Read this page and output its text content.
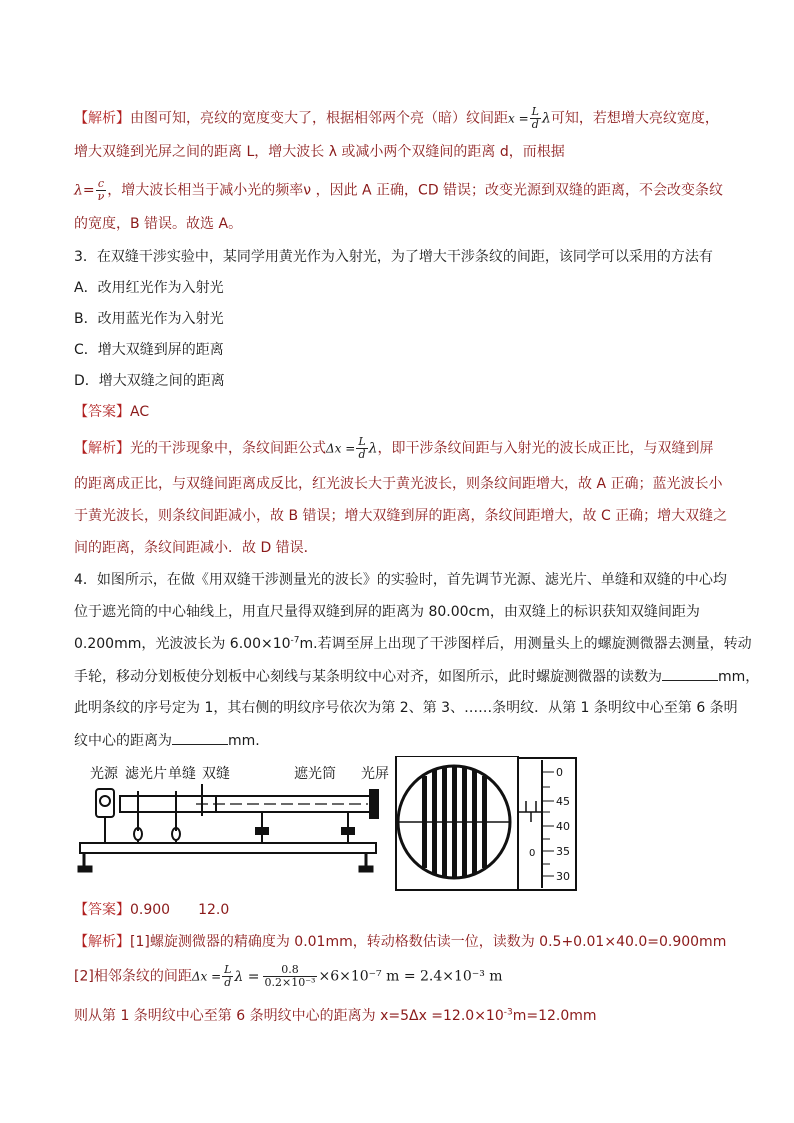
【解析】由图可知，亮纹的宽度变大了，根据相邻两个亮（暗）纹间距$x = \frac{L}{d}$ λ可知，若想增大亮纹宽度，
增大双缝到光屏之间的距离 L，增大波长 λ 或减小两个双缝间的距离 d，而根据
$\lambda= \frac{c}{\nu}$ ，增大波长相当于减小光的频率ν ，因此 A 正确，CD 错误；改变光源到双缝的距离，不会改变条纹
的宽度，B 错误。故选 A。
3．在双缝干涉实验中，某同学用黄光作为入射光，为了增大干涉条纹的间距，该同学可以采用的方法有
A．改用红光作为入射光
B．改用蓝光作为入射光
C．增大双缝到屏的距离
D．增大双缝之间的距离
【答案】AC
【解析】光的干涉现象中，条纹间距公式$\Delta x = \frac{L}{d}$ λ，即干涉条纹间距与入射光的波长成正比，与双缝到屏
的距离成正比，与双缝间距离成反比，红光波长大于黄光波长，则条纹间距增大，故 A 正确；蓝光波长小
于黄光波长，则条纹间距减小，故 B 错误；增大双缝到屏的距离，条纹间距增大，故 C 正确；增大双缝之
间的距离，条纹间距减小．故 D 错误．
4．如图所示，在做《用双缝干涉测量光的波长》的实验时，首先调节光源、滤光片、单缝和双缝的中心均
位于遮光筒的中心轴线上，用直尺量得双缝到屏的距离为 80.00cm，由双缝上的标识获知双缝间距为
0.200mm，光波波长为 $6.00\times 10^{-7}m$.若调至屏上出现了干涉图样后，用测量头上的螺旋测微器去测量，转动
手轮，移动分划板使分划板中心刻线与某条明纹中心对齐，如图所示，此时螺旋测微器的读数为	mm，
此明条纹的序号定为 1，其右侧的明纹序号依次为第 2、第 3、……条明纹．从第 1 条明纹中心至第 6 条明
纹中心的距离为	mm.
光源 滤光片 单缝 双缝	遮光筒 光屏
0
0
45
40
35
30
【答案】0.900　　12.0
【解析】[1]螺旋测微器的精确度为 0.01mm，转动格数估读一位，读数为 0.5+0.01×40.0=0.900mm
[2]相邻条纹的间距$\Delta x = \frac{L}{d}$ $\lambda = \frac{0.8}{\text{0.2×10⁻³}} \times 6\times 10^{-7}$ m = 2.4×10⁻³ m
则从第 1 条明纹中心至第 6 条明纹中心的距离为 $x=5\Delta x =12.0\times 10^{-3}m=12.0mm$
